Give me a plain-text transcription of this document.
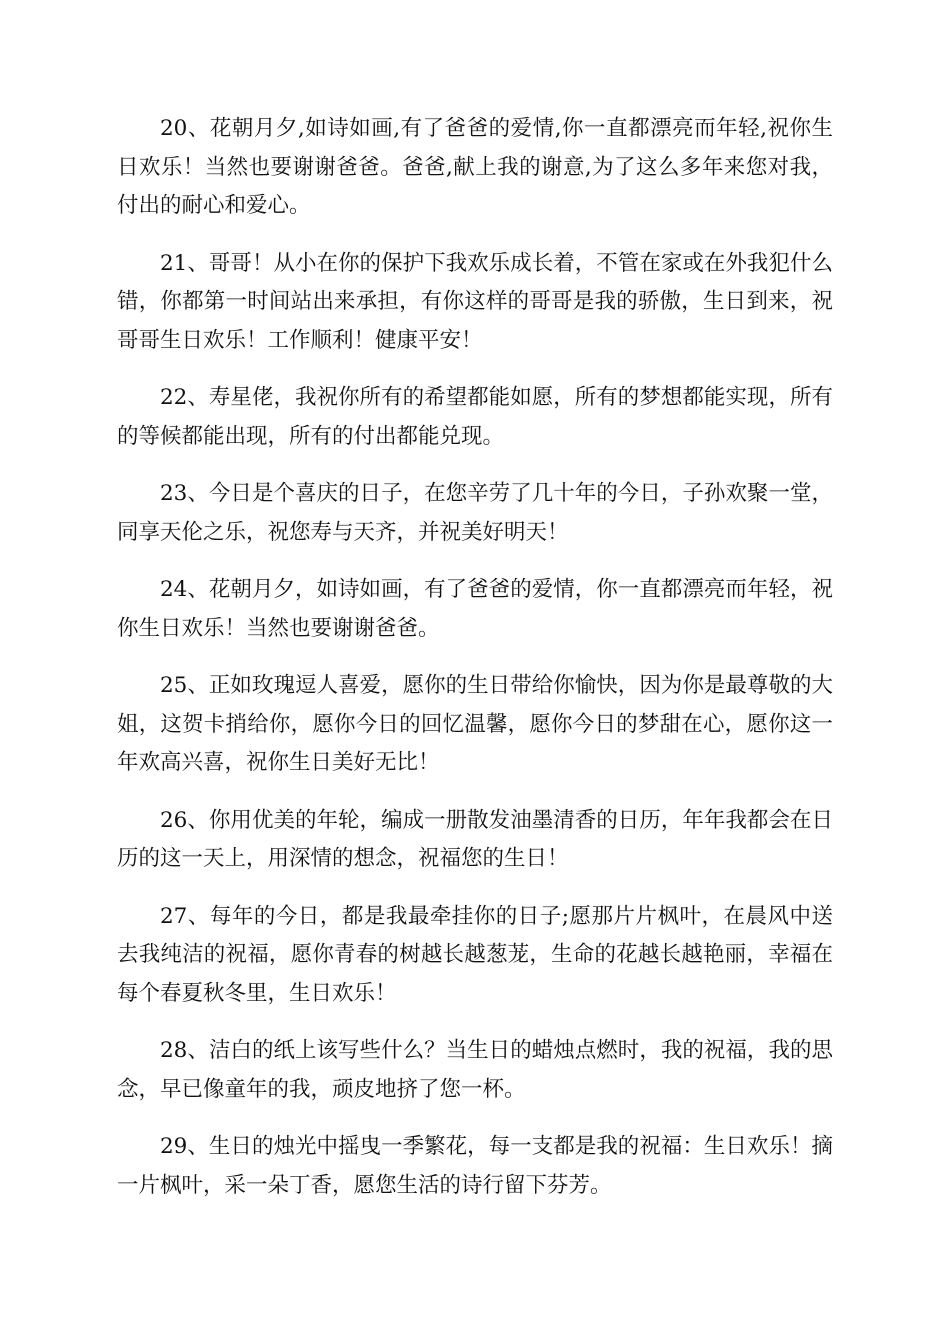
20、花朝月夕,如诗如画,有了爸爸的爱情,你一直都漂亮而年轻,祝你生日欢乐！当然也要谢谢爸爸。爸爸,献上我的谢意,为了这么多年来您对我，付出的耐心和爱心。

21、哥哥！从小在你的保护下我欢乐成长着，不管在家或在外我犯什么错，你都第一时间站出来承担，有你这样的哥哥是我的骄傲，生日到来，祝哥哥生日欢乐！工作顺利！健康平安！

22、寿星佬，我祝你所有的希望都能如愿，所有的梦想都能实现，所有的等候都能出现，所有的付出都能兑现。

23、今日是个喜庆的日子，在您辛劳了几十年的今日，子孙欢聚一堂，同享天伦之乐，祝您寿与天齐，并祝美好明天！

24、花朝月夕，如诗如画，有了爸爸的爱情，你一直都漂亮而年轻，祝你生日欢乐！当然也要谢谢爸爸。

25、正如玫瑰逗人喜爱，愿你的生日带给你愉快，因为你是最尊敬的大姐，这贺卡捎给你，愿你今日的回忆温馨，愿你今日的梦甜在心，愿你这一年欢高兴喜，祝你生日美好无比！

26、你用优美的年轮，编成一册散发油墨清香的日历，年年我都会在日历的这一天上，用深情的想念，祝福您的生日！

27、每年的今日，都是我最牵挂你的日子;愿那片片枫叶，在晨风中送去我纯洁的祝福，愿你青春的树越长越葱茏，生命的花越长越艳丽，幸福在每个春夏秋冬里，生日欢乐！

28、洁白的纸上该写些什么？当生日的蜡烛点燃时，我的祝福，我的思念，早已像童年的我，顽皮地挤了您一杯。

29、生日的烛光中摇曳一季繁花，每一支都是我的祝福：生日欢乐！摘一片枫叶，采一朵丁香，愿您生活的诗行留下芬芳。
